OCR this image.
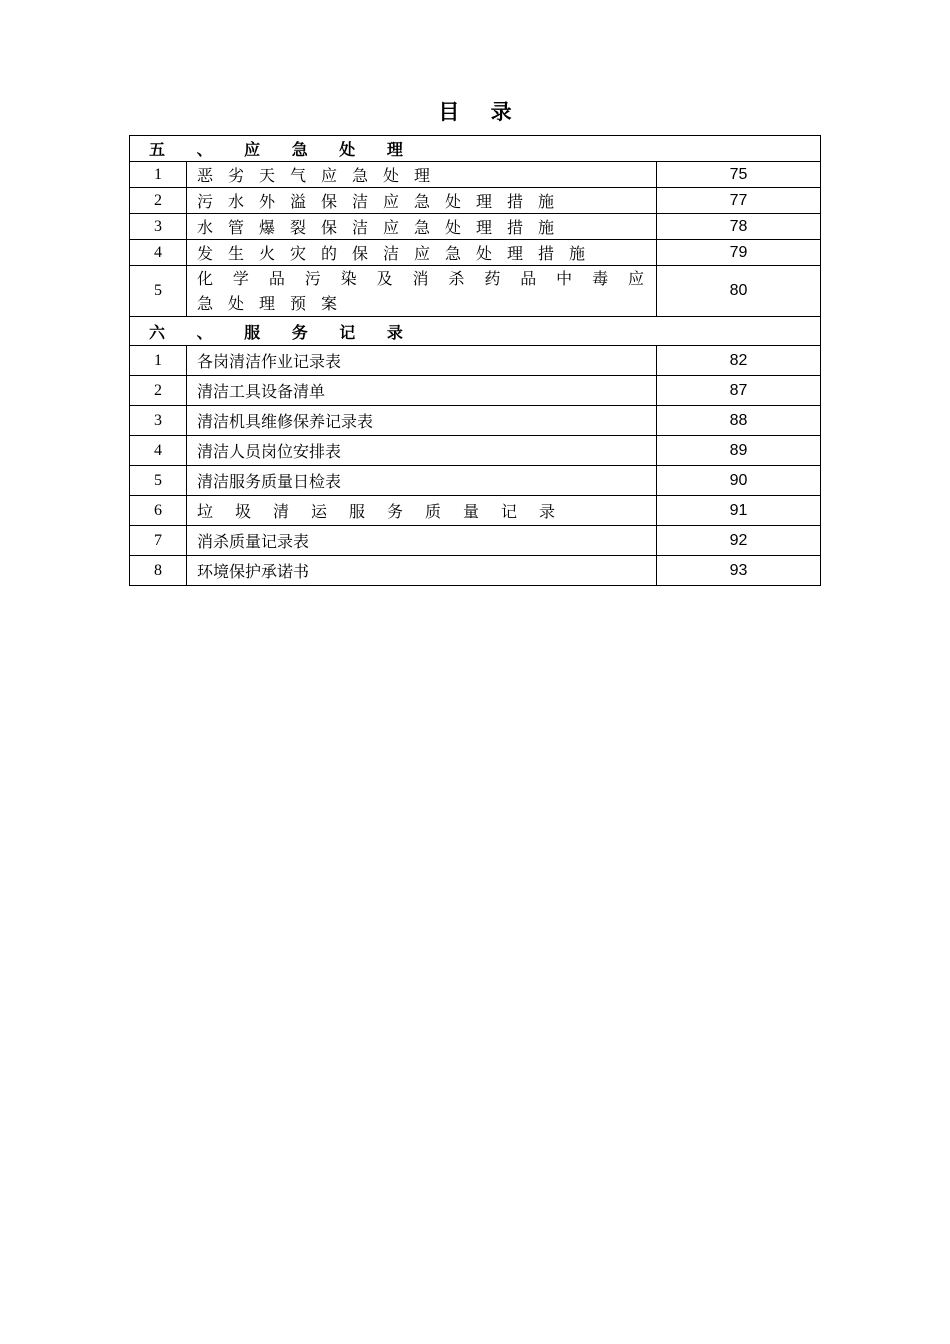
目 录
五 、 应 急 处 理		
1	恶劣天气应急处理	75
2	污水外溢保洁应急处理措施	77
3	水管爆裂保洁应急处理措施	78
4	发生火灾的保洁应急处理措施	79
5	化学品污染及消杀药品中毒应
急处理预案	80
六 、 服 务 记 录		
1	各岗清洁作业记录表	82
2	清洁工具设备清单	87
3	清洁机具维修保养记录表	88
4	清洁人员岗位安排表	89
5	清洁服务质量日检表	90
6	垃圾清运服务质量记录	91
7	消杀质量记录表	92
8	环境保护承诺书	93
